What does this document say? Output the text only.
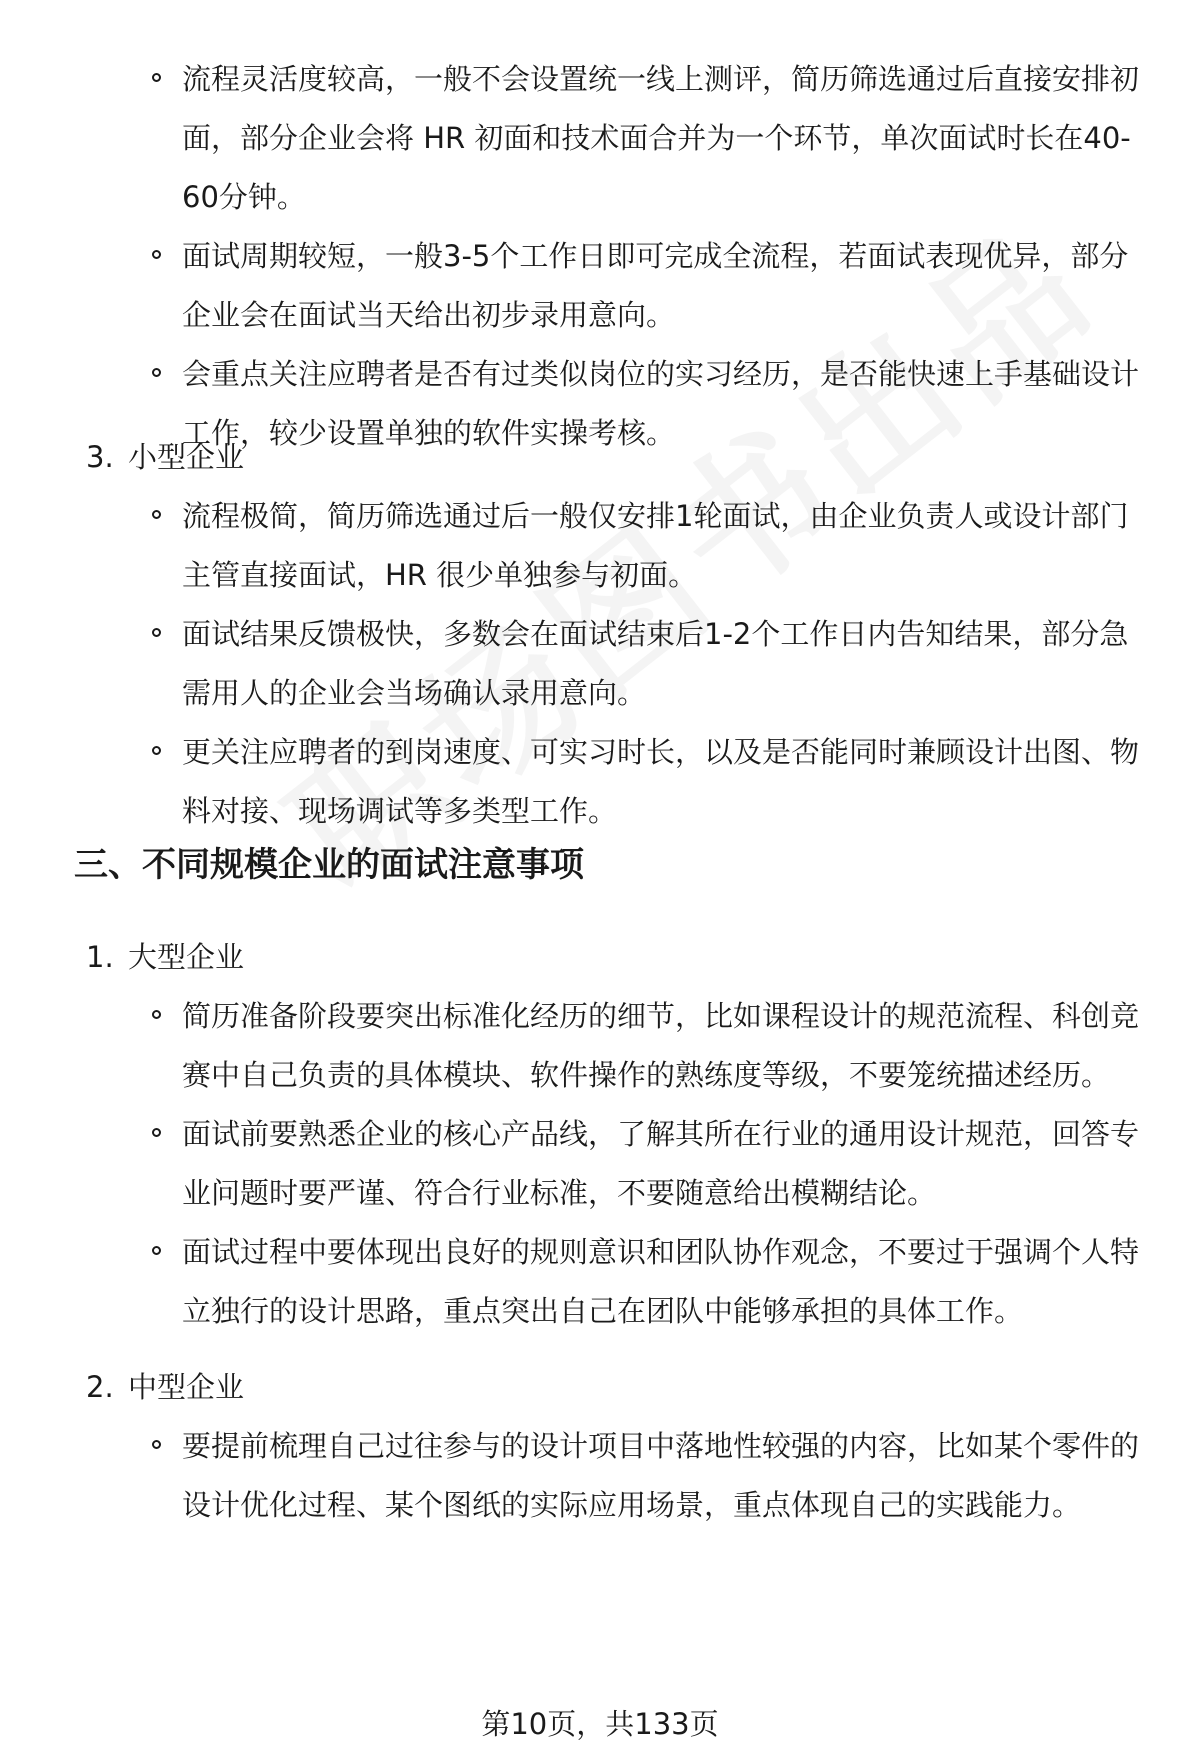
流程灵活度较高，一般不会设置统一线上测评，简历筛选通过后直接安排初面，部分企业会将 HR 初面和技术面合并为一个环节，单次面试时长在40-60分钟。
面试周期较短，一般3-5个工作日即可完成全流程，若面试表现优异，部分企业会在面试当天给出初步录用意向。
会重点关注应聘者是否有过类似岗位的实习经历，是否能快速上手基础设计工作，较少设置单独的软件实操考核。
3. 小型企业
流程极简，简历筛选通过后一般仅安排1轮面试，由企业负责人或设计部门主管直接面试，HR 很少单独参与初面。
面试结果反馈极快，多数会在面试结束后1-2个工作日内告知结果，部分急需用人的企业会当场确认录用意向。
更关注应聘者的到岗速度、可实习时长，以及是否能同时兼顾设计出图、物料对接、现场调试等多类型工作。
三、不同规模企业的面试注意事项
1. 大型企业
简历准备阶段要突出标准化经历的细节，比如课程设计的规范流程、科创竞赛中自己负责的具体模块、软件操作的熟练度等级，不要笼统描述经历。
面试前要熟悉企业的核心产品线，了解其所在行业的通用设计规范，回答专业问题时要严谨、符合行业标准，不要随意给出模糊结论。
面试过程中要体现出良好的规则意识和团队协作观念，不要过于强调个人特立独行的设计思路，重点突出自己在团队中能够承担的具体工作。
2. 中型企业
要提前梳理自己过往参与的设计项目中落地性较强的内容，比如某个零件的设计优化过程、某个图纸的实际应用场景，重点体现自己的实践能力。
第10页，共133页
